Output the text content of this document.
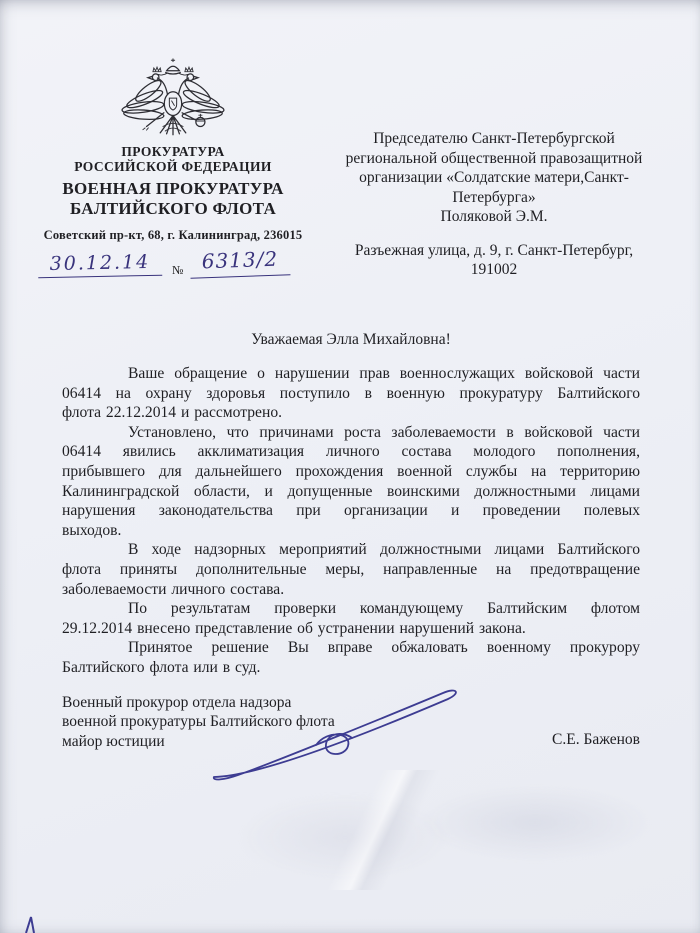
ПРОКУРАТУРА
РОССИЙСКОЙ ФЕДЕРАЦИИ
ВОЕННАЯ ПРОКУРАТУРА
БАЛТИЙСКОГО ФЛОТА
Советский пр-кт, 68, г. Калининград, 236015
30.12.14	№ 6313/2
Председателю Санкт-Петербургской
региональной общественной правозащитной
организации «Солдатские матери,Санкт-
Петербурга»
Поляковой Э.М.
Разъежная улица, д. 9, г. Санкт-Петербург,
191002
Уважаемая Элла Михайловна!
Ваше обращение о нарушении прав военнослужащих войсковой части
06414 на охрану здоровья поступило в военную прокуратуру Балтийского
флота 22.12.2014 и рассмотрено.
Установлено, что причинами роста заболеваемости в войсковой части
06414 явились акклиматизация личного состава молодого пополнения,
прибывшего для дальнейшего прохождения военной службы на территорию
Калининградской области, и допущенные воинскими должностными лицами
нарушения законодательства при организации и проведении полевых
выходов.
В ходе надзорных мероприятий должностными лицами Балтийского
флота приняты дополнительные меры, направленные на предотвращение
заболеваемости личного состава.
По результатам проверки командующему Балтийским флотом
29.12.2014 внесено представление об устранении нарушений закона.
Принятое решение Вы вправе обжаловать военному прокурору
Балтийского флота или в суд.
Военный прокурор отдела надзора
военной прокуратуры Балтийского флота
майор юстиции	С.Е. Баженов
